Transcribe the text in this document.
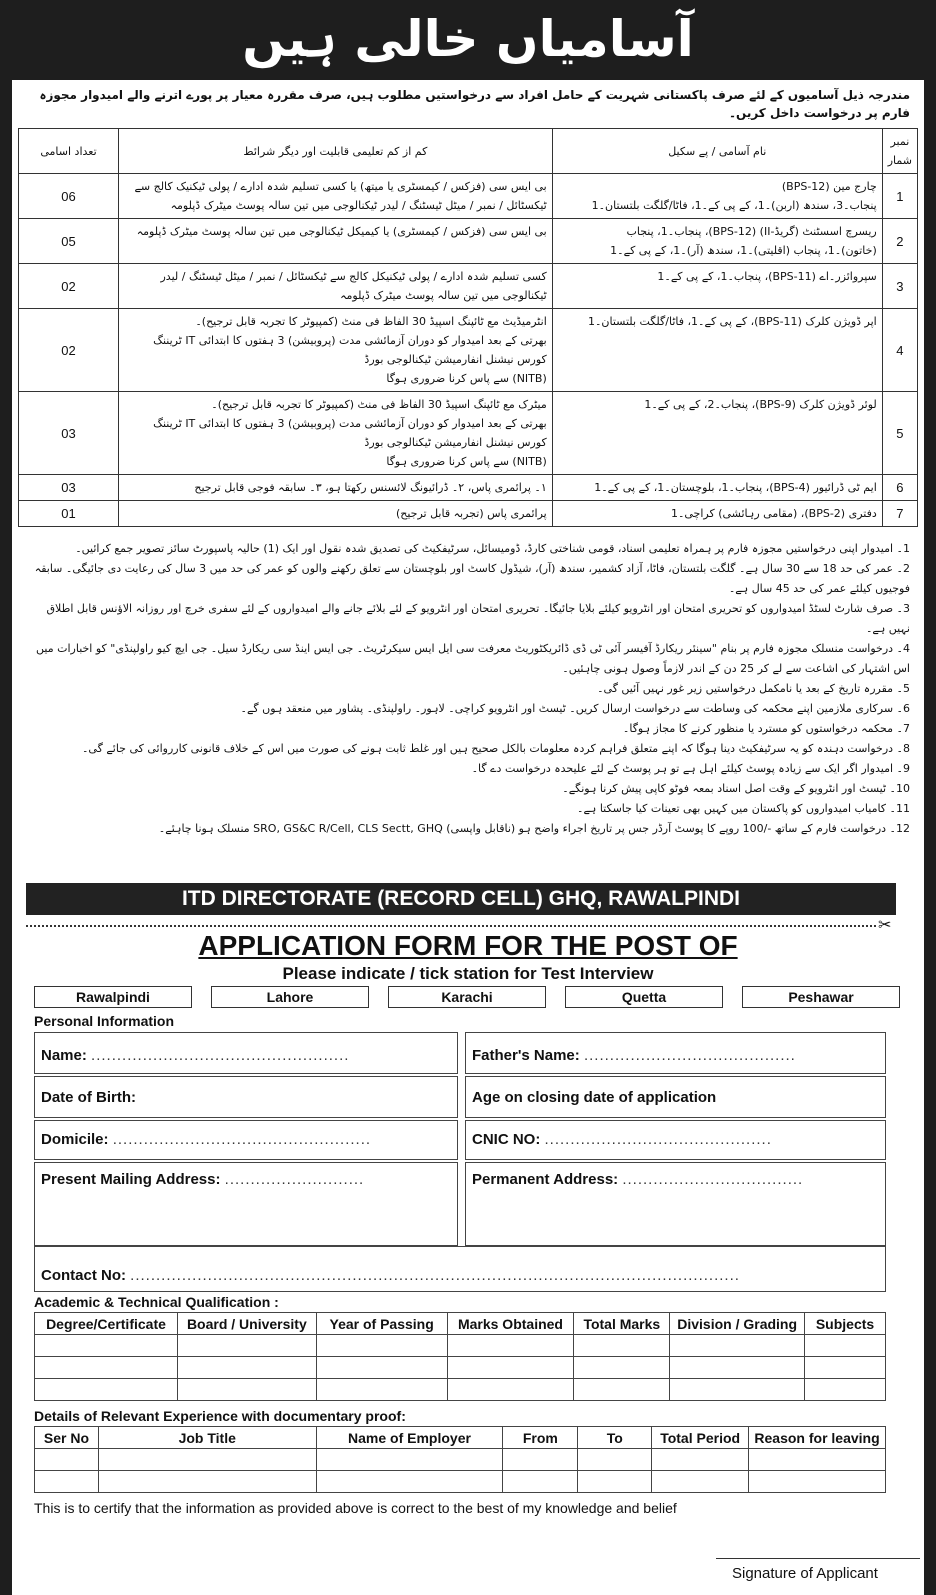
آسامیاں خالی ہیں
مندرجہ ذیل آسامیوں کے لئے صرف پاکستانی شہریت کے حامل افراد سے درخواستیں مطلوب ہیں، صرف مقررہ معیار پر پورے اترنے والے امیدوار مجوزہ فارم پر درخواست داخل کریں۔
نمبر شمار	نام آسامی / پے سکیل	کم از کم تعلیمی قابلیت اور دیگر شرائط	تعداد اسامی
1	چارج مین (BPS-12)
پنجاب۔3، سندھ (اربن)۔1، کے پی کے۔1، فاٹا/گلگت بلتستان۔1	بی ایس سی (فزکس / کیمسٹری یا میتھ) یا کسی تسلیم شدہ ادارے / پولی ٹیکنیک کالج سے ٹیکسٹائل / نمبر / میٹل ٹیسٹنگ / لیدر ٹیکنالوجی میں تین سالہ پوسٹ میٹرک ڈپلومہ	06
2	ریسرچ اسسٹنٹ (گریڈ-II) (BPS-12)، پنجاب۔1، پنجاب
(خاتون)۔1، پنجاب (اقلیتی)۔1، سندھ (آر)۔1، کے پی کے۔1	بی ایس سی (فزکس / کیمسٹری) یا کیمیکل ٹیکنالوجی میں تین سالہ پوسٹ میٹرک ڈپلومہ	05
3	سپروائزر۔اے (BPS-11)، پنجاب۔1، کے پی کے۔1	کسی تسلیم شدہ ادارے / پولی ٹیکنیکل کالج سے ٹیکسٹائل / نمبر / میٹل ٹیسٹنگ / لیدر ٹیکنالوجی میں تین سالہ پوسٹ میٹرک ڈپلومہ	02
4	اپر ڈویژن کلرک (BPS-11)، کے پی کے۔1، فاٹا/گلگت بلتستان۔1	انٹرمیڈیٹ مع ٹائپنگ اسپیڈ 30 الفاظ فی منٹ (کمپیوٹر کا تجربہ قابل ترجیح)۔
بھرتی کے بعد امیدوار کو دوران آزمائشی مدت (پروبیشن) 3 ہفتوں کا ابتدائی IT ٹریننگ کورس نیشنل انفارمیشن ٹیکنالوجی بورڈ
(NITB) سے پاس کرنا ضروری ہوگا	02
5	لوئر ڈویژن کلرک (BPS-9)، پنجاب۔2، کے پی کے۔1	میٹرک مع ٹائپنگ اسپیڈ 30 الفاظ فی منٹ (کمپیوٹر کا تجربہ قابل ترجیح)۔
بھرتی کے بعد امیدوار کو دوران آزمائشی مدت (پروبیشن) 3 ہفتوں کا ابتدائی IT ٹریننگ کورس نیشنل انفارمیشن ٹیکنالوجی بورڈ
(NITB) سے پاس کرنا ضروری ہوگا	03
6	ایم ٹی ڈرائیور (BPS-4)، پنجاب۔1، بلوچستان۔1، کے پی کے۔1	۱۔ پرائمری پاس، ۲۔ ڈرائیونگ لائسنس رکھتا ہو، ۳۔ سابقہ فوجی قابل ترجیح	03
7	دفتری (BPS-2)، (مقامی رہائشی) کراچی۔1	پرائمری پاس (تجربہ قابل ترجیح)	01
1۔ امیدوار اپنی درخواستیں مجوزہ فارم پر ہمراہ تعلیمی اسناد، قومی شناختی کارڈ، ڈومیسائل، سرٹیفکیٹ کی تصدیق شدہ نقول اور ایک (1) حالیہ پاسپورٹ سائز تصویر جمع کرائیں۔
2۔ عمر کی حد 18 سے 30 سال ہے۔ گلگت بلتستان، فاٹا، آزاد کشمیر، سندھ (آر)، شیڈول کاسٹ اور بلوچستان سے تعلق رکھنے والوں کو عمر کی حد میں 3 سال کی رعایت دی جائیگی۔ سابقہ فوجیوں کیلئے عمر کی حد 45 سال ہے۔
3۔ صرف شارٹ لسٹڈ امیدواروں کو تحریری امتحان اور انٹرویو کیلئے بلایا جائیگا۔ تحریری امتحان اور انٹرویو کے لئے بلائے جانے والے امیدواروں کے لئے سفری خرچ اور روزانہ الاؤنس قابل اطلاق نہیں ہے۔
4۔ درخواست منسلک مجوزہ فارم پر بنام "سینئر ریکارڈ آفیسر آئی ٹی ڈی ڈائریکٹوریٹ معرفت سی ایل ایس سیکرٹریٹ۔ جی ایس اینڈ سی ریکارڈ سیل۔ جی ایچ کیو راولپنڈی" کو اخبارات میں اس اشتہار کی اشاعت سے لے کر 25 دن کے اندر لازماً وصول ہونی چاہئیں۔
5۔ مقررہ تاریخ کے بعد یا نامکمل درخواستیں زیر غور نہیں آئیں گی۔
6۔ سرکاری ملازمین اپنے محکمہ کی وساطت سے درخواست ارسال کریں۔ ٹیسٹ اور انٹرویو کراچی۔ لاہور۔ راولپنڈی۔ پشاور میں منعقد ہوں گے۔
7۔ محکمہ درخواستوں کو مسترد یا منظور کرنے کا مجاز ہوگا۔
8۔ درخواست دہندہ کو یہ سرٹیفکیٹ دینا ہوگا کہ اپنے متعلق فراہم کردہ معلومات بالکل صحیح ہیں اور غلط ثابت ہونے کی صورت میں اس کے خلاف قانونی کارروائی کی جائے گی۔
9۔ امیدوار اگر ایک سے زیادہ پوسٹ کیلئے اہل ہے تو ہر پوسٹ کے لئے علیحدہ درخواست دے گا۔
10۔ ٹیسٹ اور انٹرویو کے وقت اصل اسناد بمعہ فوٹو کاپی پیش کرنا ہونگے۔
11۔ کامیاب امیدواروں کو پاکستان میں کہیں بھی تعینات کیا جاسکتا ہے۔
12۔ درخواست فارم کے ساتھ -/100 روپے کا پوسٹ آرڈر جس پر تاریخ اجراء واضح ہو (ناقابل واپسی) SRO, GS&C R/Cell, CLS Sectt, GHQ منسلک ہونا چاہئے۔
ITD DIRECTORATE (RECORD CELL) GHQ, RAWALPINDI
✂
APPLICATION FORM FOR THE POST OF
Please indicate / tick station for Test Interview
Rawalpindi	Lahore	Karachi	Quetta	Peshawar
Personal Information
Name: ..................................................	Father's Name: .........................................
Date of Birth:	Age on closing date of application
Domicile: ..................................................	CNIC NO: ............................................
Present Mailing Address: ...........................	Permanent Address: ...................................
Contact No: ......................................................................................................................
Academic & Technical Qualification :
Degree/Certificate	Board / University	Year of Passing	Marks Obtained	Total Marks	Division / Grading	Subjects

Details of Relevant Experience with documentary proof:
Ser No	Job Title	Name of Employer	From	To	Total Period	Reason for leaving

This is to certify that the information as provided above is correct to the best of my knowledge and belief
Signature of Applicant
